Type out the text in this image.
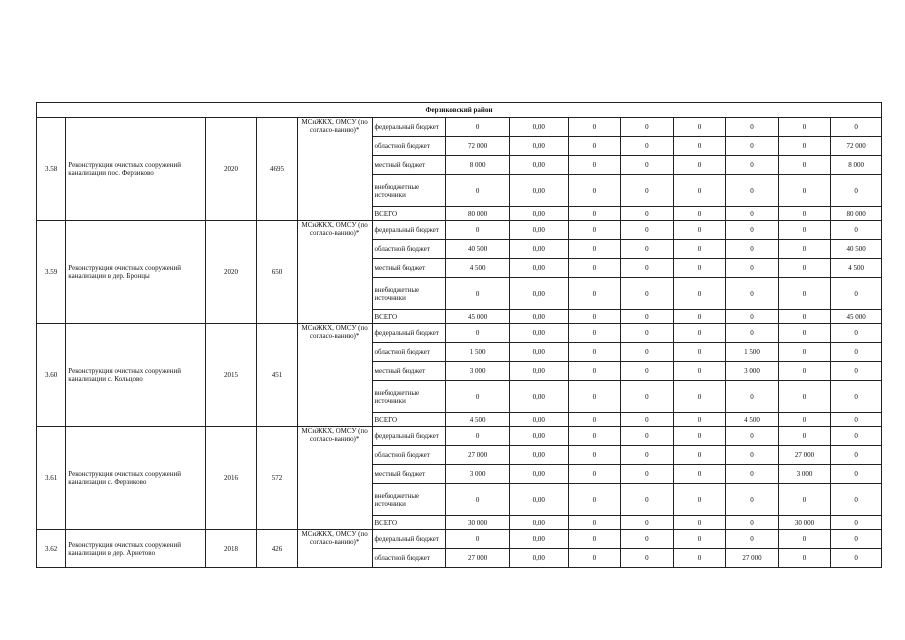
Ферзиковский район													
3.58	Реконструкция очистных сооружений канализации пос. Ферзиково	2020	4695	МСиЖКХ, ОМСУ (по согласо-ванию)*	федеральный бюджет	0	0,00	0	0	0	0	0	0
					областной бюджет	72 000	0,00	0	0	0	0	0	72 000
					местный бюджет	8 000	0,00	0	0	0	0	0	8 000
					внебюджетные источники	0	0,00	0	0	0	0	0	0
					ВСЕГО	80 000	0,00	0	0	0	0	0	80 000
3.59	Реконструкция очистных сооружений канализации в дер. Бронцы	2020	650	МСиЖКХ, ОМСУ (по согласо-ванию)*	федеральный бюджет	0	0,00	0	0	0	0	0	0
					областной бюджет	40 500	0,00	0	0	0	0	0	40 500
					местный бюджет	4 500	0,00	0	0	0	0	0	4 500
					внебюджетные источники	0	0,00	0	0	0	0	0	0
					ВСЕГО	45 000	0,00	0	0	0	0	0	45 000
3.60	Реконструкция очистных сооружений канализации с. Кольцово	2015	451	МСиЖКХ, ОМСУ (по согласо-ванию)*	федеральный бюджет	0	0,00	0	0	0	0	0	0
					областной бюджет	1 500	0,00	0	0	0	1 500	0	0
					местный бюджет	3 000	0,00	0	0	0	3 000	0	0
					внебюджетные источники	0	0,00	0	0	0	0	0	0
					ВСЕГО	4 500	0,00	0	0	0	4 500	0	0
3.61	Реконструкция очистных сооружений канализации с. Ферзиково	2016	572	МСиЖКХ, ОМСУ (по согласо-ванию)*	федеральный бюджет	0	0,00	0	0	0	0	0	0
					областной бюджет	27 000	0,00	0	0	0	0	27 000	0
					местный бюджет	3 000	0,00	0	0	0	0	3 000	0
					внебюджетные источники	0	0,00	0	0	0	0	0	0
					ВСЕГО	30 000	0,00	0	0	0	0	30 000	0
3.62	Реконструкция очистных сооружений канализации в дер. Арнетово	2018	426	МСиЖКХ, ОМСУ (по согласо-ванию)*	федеральный бюджет	0	0,00	0	0	0	0	0	0
					областной бюджет	27 000	0,00	0	0	0	27 000	0	0
